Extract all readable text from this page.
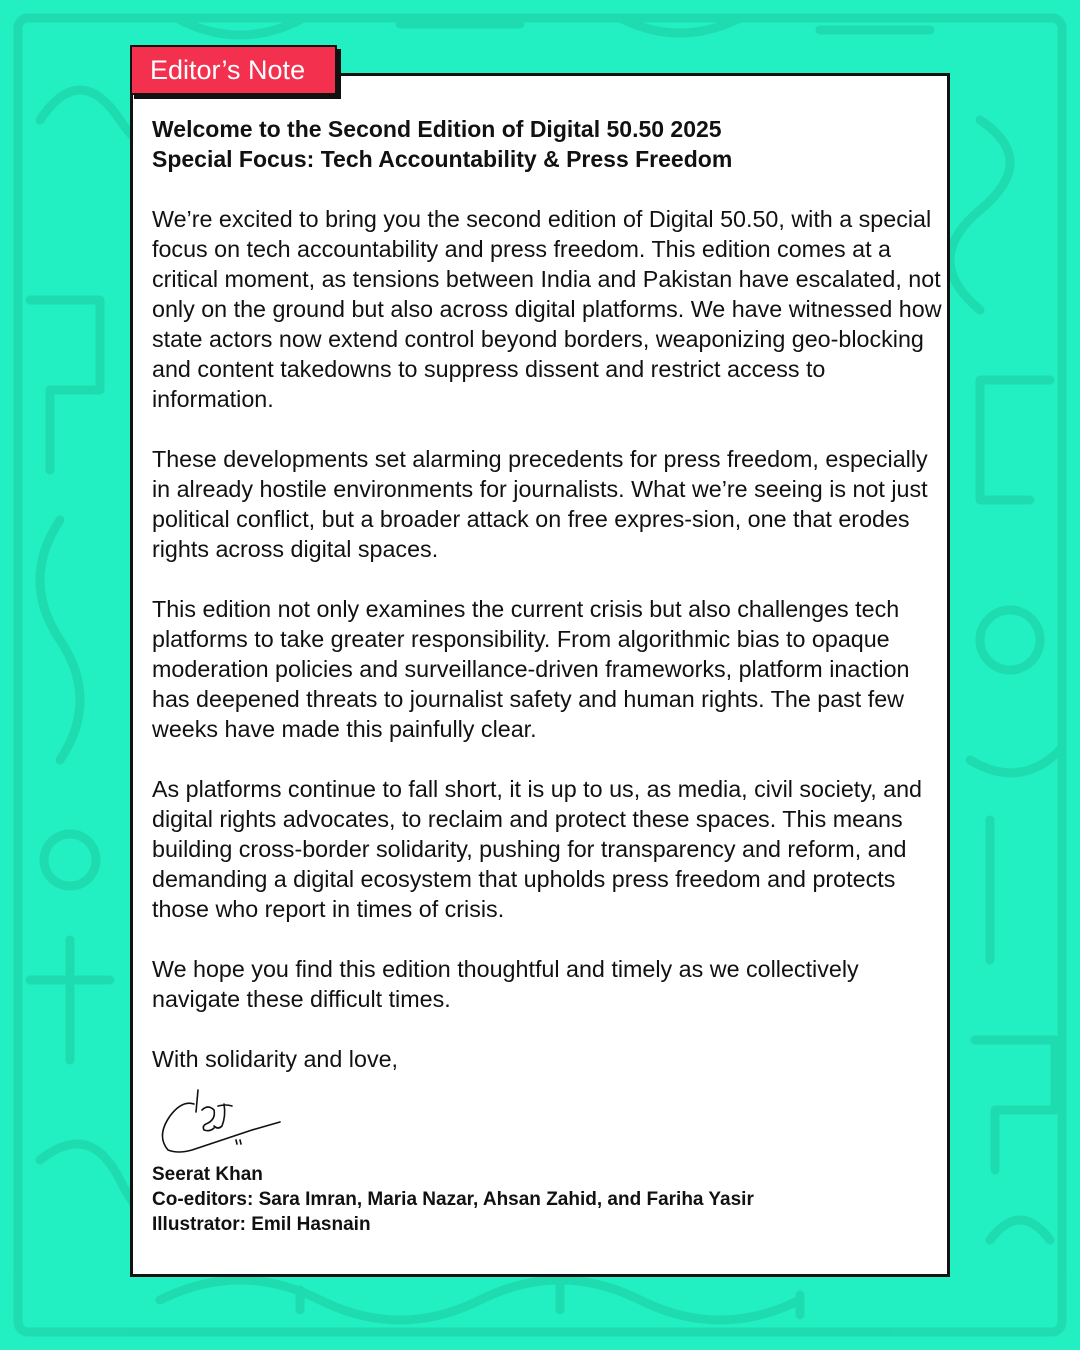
Editor’s Note
Welcome to the Second Edition of Digital 50.50 2025
Special Focus: Tech Accountability & Press Freedom

We’re excited to bring you the second edition of Digital 50.50, with a special focus on tech accountability and press freedom. This edition comes at a critical moment, as tensions between India and Pakistan have escalated, not only on the ground but also across digital platforms. We have witnessed how state actors now extend control beyond borders, weaponizing geo-blocking and content takedowns to suppress dissent and restrict access to information.

These developments set alarming precedents for press freedom, especially in already hostile environments for journalists. What we’re seeing is not just political conflict, but a broader attack on free expres-sion, one that erodes rights across digital spaces.

This edition not only examines the current crisis but also challenges tech platforms to take greater responsibility. From algorithmic bias to opaque moderation policies and surveillance-driven frameworks, platform inaction has deepened threats to journalist safety and human rights. The past few weeks have made this painfully clear.

As platforms continue to fall short, it is up to us, as media, civil society, and digital rights advocates, to reclaim and protect these spaces. This means building cross-border solidarity, pushing for transparency and reform, and demanding a digital ecosystem that upholds press freedom and protects those who report in times of crisis.

We hope you find this edition thoughtful and timely as we collectively navigate these difficult times.

With solidarity and love,

Seerat Khan
Co-editors: Sara Imran, Maria Nazar, Ahsan Zahid, and Fariha Yasir
Illustrator: Emil Hasnain
